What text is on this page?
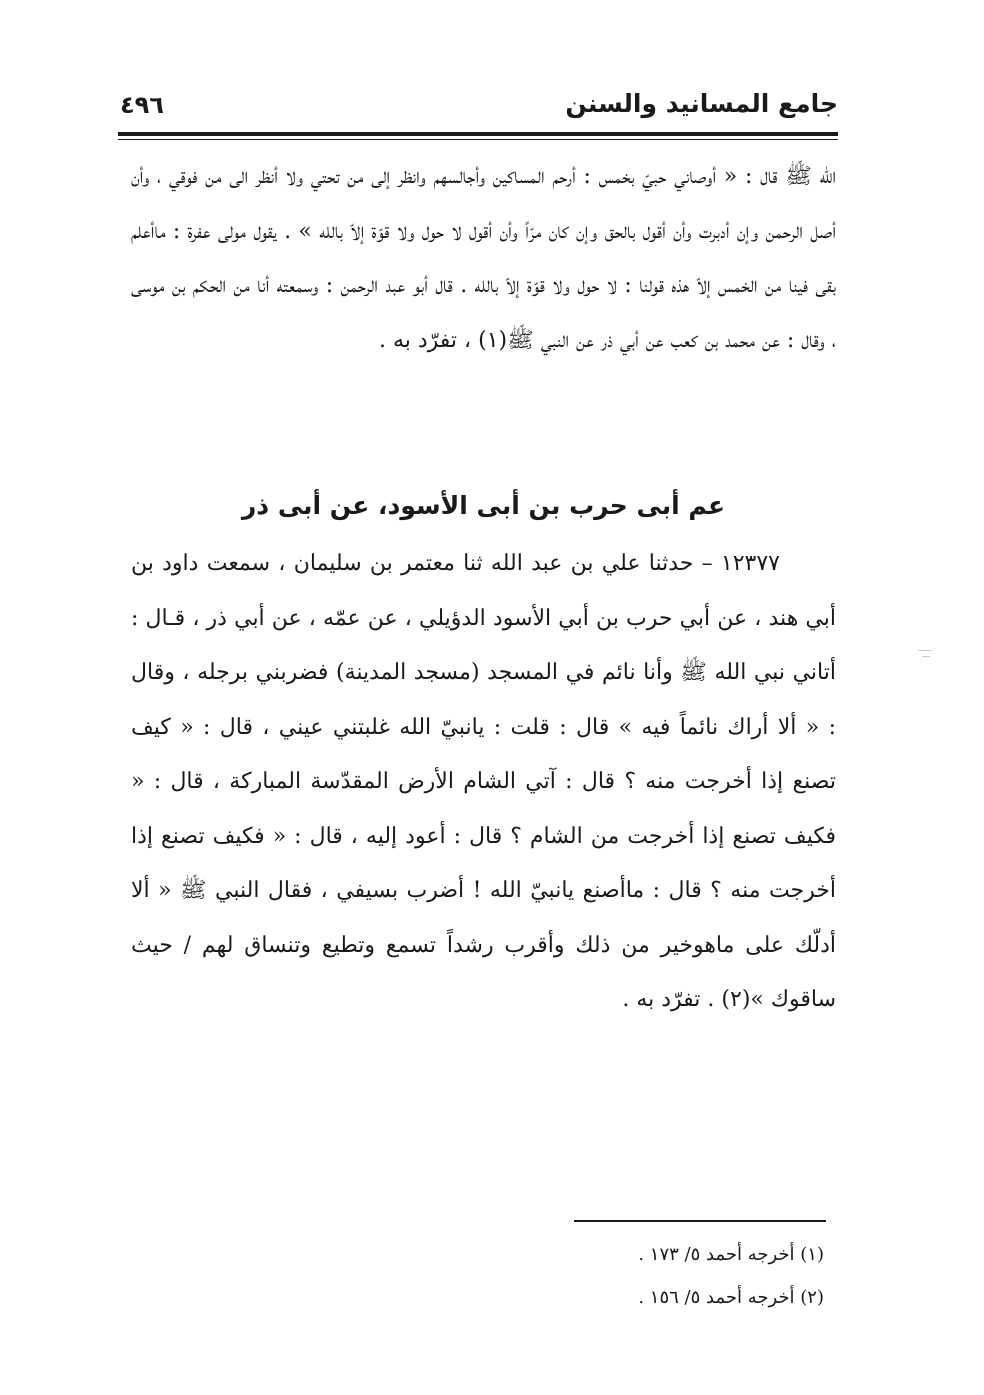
جامع المسانيد والسنن
٤٩٦

الله ﷺ قال : « أوصاني حبيّ بخمس : أرحم المساكين وأجالسهم وانظر إلى من تحتي ولا أنظر الى من فوقي ، وأن أصل الرحمن وإن أدبرت وأن أقول بالحق وإن كان مرّاً وأن أقول لا حول ولا قوّة إلاّ بالله » . يقول مولى عفرة : ماأعلم بقى فينا من الخمس إلاّ هذه قولنا : لا حول ولا قوّة إلاّ بالله . قال أبو عبد الرحمن : وسمعته أنا من الحكم بن موسى ، وقال : عن محمد بن كعب عن أبي ذر عن النبي ﷺ(١) ، تفرّد به .

عم أبى حرب بن أبى الأسود، عن أبى ذر

١٢٣٧٧ – حدثنا علي بن عبد الله ثنا معتمر بن سليمان ، سمعت داود بن أبي هند ، عن أبي حرب بن أبي الأسود الدؤيلي ، عن عمّه ، عن أبي ذر ، قـال : أتاني نبي الله ﷺ وأنا نائم في المسجد (مسجد المدينة) فضربني برجله ، وقال : « ألا أراك نائماً فيه » قال : قلت : يانبيّ الله غلبتني عيني ، قال : « كيف تصنع إذا أخرجت منه ؟ قال : آتي الشام الأرض المقدّسة المباركة ، قال : « فكيف تصنع إذا أخرجت من الشام ؟ قال : أعود إليه ، قال : « فكيف تصنع إذا أخرجت منه ؟ قال : ماأصنع يانبيّ الله ! أضرب بسيفي ، فقال النبي ﷺ « ألا أدلّك على ماهوخير من ذلك وأقرب رشداً تسمع وتطيع وتنساق لهم / حيث ساقوك »(٢) . تفرّد به .

(١) أخرجه أحمد ٥/ ١٧٣ .

(٢) أخرجه أحمد ٥/ ١٥٦ .
